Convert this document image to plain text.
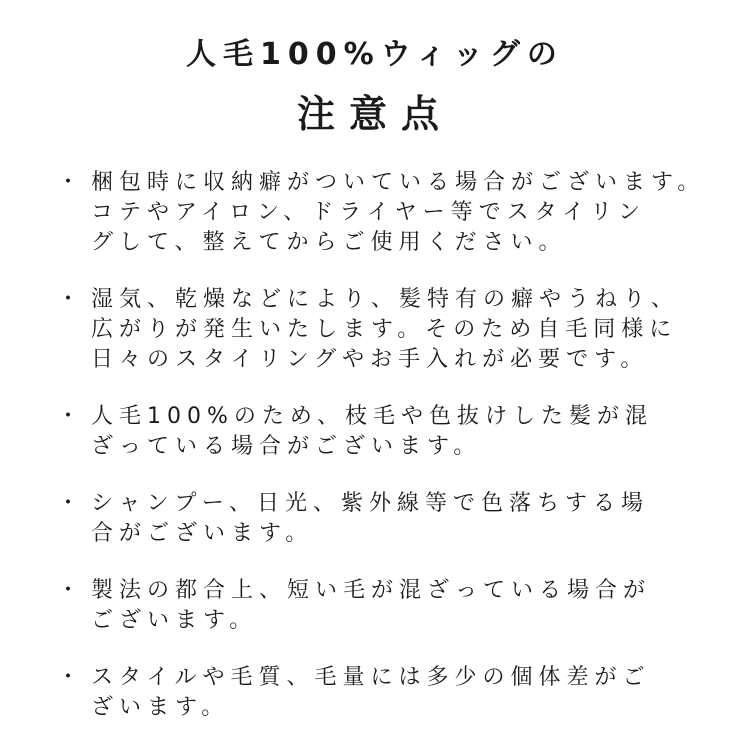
人毛100%ウィッグの
注意点
・ 梱包時に収納癖がついている場合がございます。
コテやアイロン、ドライヤー等でスタイリン
グして、整えてからご使用ください。
・ 湿気、乾燥などにより、髪特有の癖やうねり、
広がりが発生いたします。そのため自毛同様に
日々のスタイリングやお手入れが必要です。
・ 人毛100%のため、枝毛や色抜けした髪が混
ざっている場合がございます。
・ シャンプー、日光、紫外線等で色落ちする場
合がございます。
・ 製法の都合上、短い毛が混ざっている場合が
ございます。
・ スタイルや毛質、毛量には多少の個体差がご
ざいます。
